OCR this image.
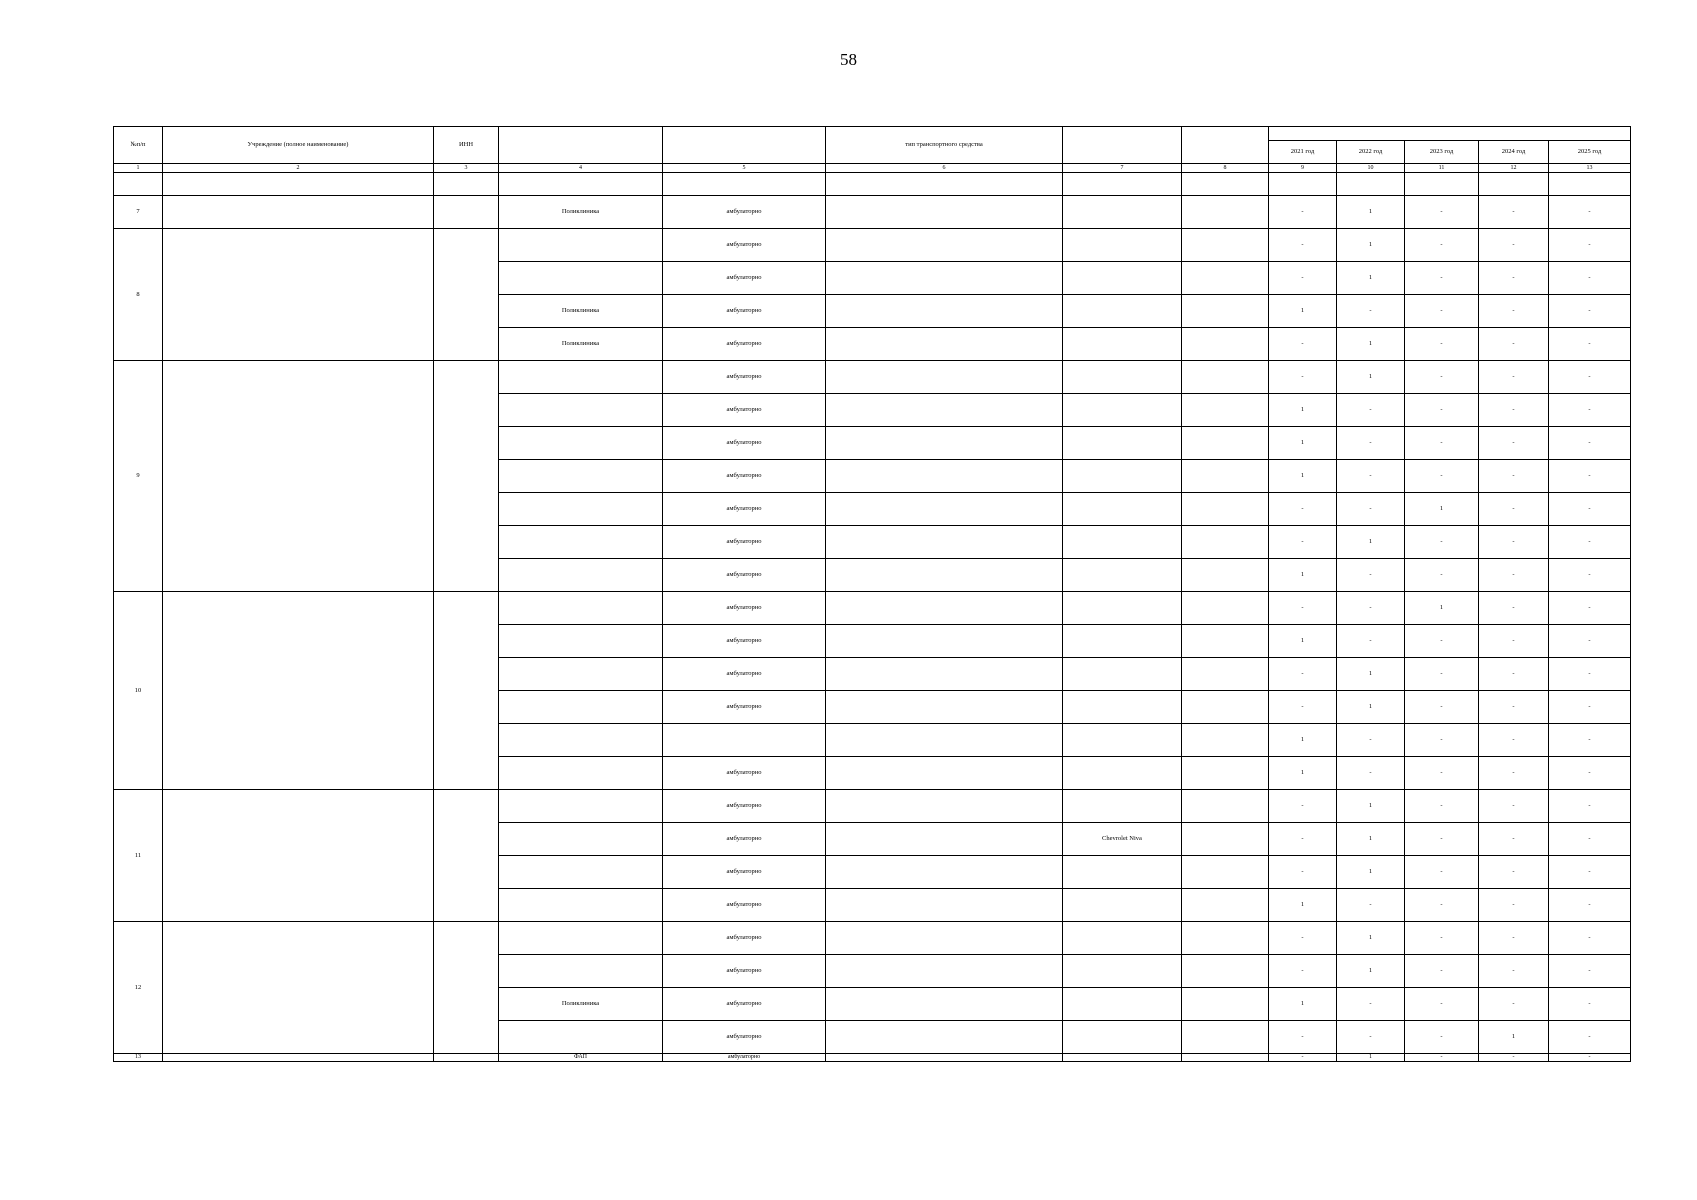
58
№п/п	Учреждение (полное наименование)	ИНН			тип транспортного средства							
								2021 год	2022 год	2023 год	2024 год	2025 год
1	2	3	4	5	6	7	8	9	10	11	12	13

7			Поликлиника	амбулаторно				-	1	-	-	-
8				амбулаторно				-	1	-	-	-
				амбулаторно				-	1	-	-	-
			Поликлиника	амбулаторно				1	-	-	-	-
			Поликлиника	амбулаторно				-	1	-	-	-
9				амбулаторно				-	1	-	-	-
				амбулаторно				1	-	-	-	-
				амбулаторно				1	-	-	-	-
				амбулаторно				1	-	-	-	-
				амбулаторно				-	-	1	-	-
				амбулаторно				-	1	-	-	-
				амбулаторно				1	-	-	-	-
10				амбулаторно				-	-	1	-	-
				амбулаторно				1	-	-	-	-
				амбулаторно				-	1	-	-	-
				амбулаторно				-	1	-	-	-
								1	-	-	-	-
				амбулаторно				1	-	-	-	-
11				амбулаторно				-	1	-	-	-
				амбулаторно		Chevrolet Niva		-	1	-	-	-
				амбулаторно				-	1	-	-	-
				амбулаторно				1	-	-	-	-
12				амбулаторно				-	1	-	-	-
				амбулаторно				-	1	-	-	-
			Поликлиника	амбулаторно				1	-	-	-	-
				амбулаторно				-	-	-	1	-
13			ФАП	амбулаторно				-	1	-	-	-
